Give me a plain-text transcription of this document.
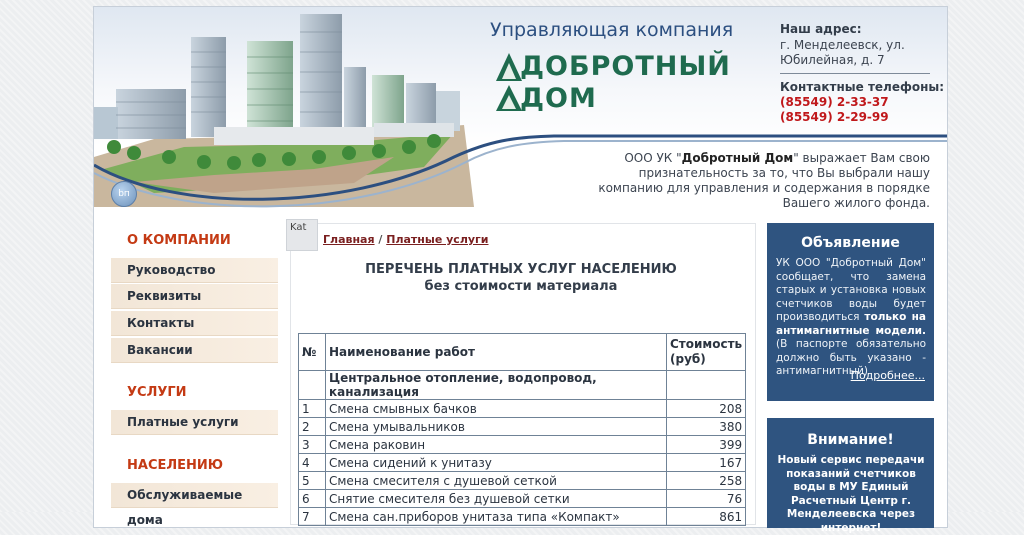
Управляющая компания
ДОБРОТНЫЙ
ДОМ
Наш адрес:
г. Менделеевск, ул. Юбилейная, д. 7
Контактные телефоны:
(85549) 2-33-37
(85549) 2-29-99
ООО УК "Добротный Дом" выражает Вам свою признательность за то, что Вы выбрали нашу компанию для управления и содержания в порядке Вашего жилого фонда.
bп
О КОМПАНИИ
Руководство
Реквизиты
Контакты
Вакансии
УСЛУГИ
Платные услуги
НАСЕЛЕНИЮ
Обслуживаемые дома
Kat
Главная / Платные услуги
ПЕРЕЧЕНЬ ПЛАТНЫХ УСЛУГ НАСЕЛЕНИЮ
без стоимости материала
№	Наименование работ	Стоимость (руб)
	Центральное отопление, водопровод, канализация	
1	Смена смывных бачков	208
2	Смена умывальников	380
3	Смена раковин	399
4	Смена сидений к унитазу	167
5	Смена смесителя с душевой сеткой	258
6	Снятие смесителя без душевой сетки	76
7	Смена сан.приборов унитаза типа «Компакт»	861
Объявление
УК ООО "Добротный Дом" сообщает, что замена старых и установка новых счетчиков воды будет производиться только на антимагнитные модели. (В паспорте обязательно должно быть указано - антимагнитный)
Подробнее...
Внимание!
Новый сервис передачи показаний счетчиков воды в МУ Единый Расчетный Центр г. Менделеевска через интернет!
